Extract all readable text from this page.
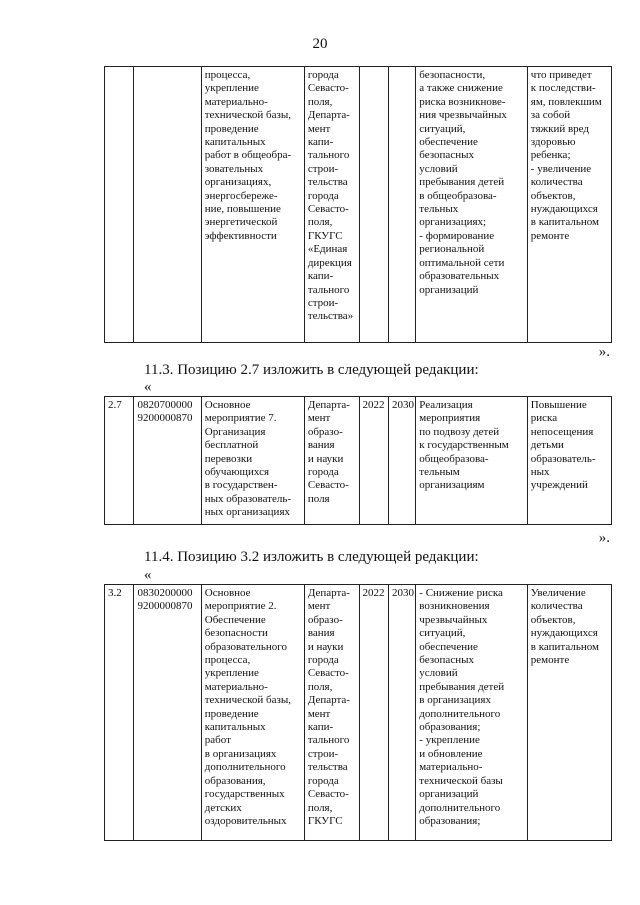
20
		процесса,
укрепление
материально-
технической базы,
проведение
капитальных
работ в общеобра-
зовательных
организациях,
энергосбереже-
ние, повышение
энергетической
эффективности	города
Севасто-
поля,
Департа-
мент
капи-
тального
строи-
тельства
города
Севасто-
поля,
ГКУГС
«Единая
дирекция
капи-
тального
строи-
тельства»			безопасности,
а также снижение
риска возникнове-
ния чрезвычайных
ситуаций,
обеспечение
безопасных
условий
пребывания детей
в общеобразова-
тельных
организациях;
- формирование
региональной
оптимальной сети
образовательных
организаций	что приведет
к последстви-
ям, повлекшим
за собой
тяжкий вред
здоровью
ребенка;
- увеличение
количества
объектов,
нуждающихся
в капитальном
ремонте
».
11.3. Позицию 2.7 изложить в следующей редакции:
«
2.7	0820700000
9200000870	Основное
мероприятие 7.
Организация
бесплатной
перевозки
обучающихся
в государствен-
ных образователь-
ных организациях	Департа-
мент
образо-
вания
и науки
города
Севасто-
поля	2022	2030	Реализация
мероприятия
по подвозу детей
к государственным
общеобразова-
тельным
организациям	Повышение
риска
непосещения
детьми
образователь-
ных
учреждений
».
11.4. Позицию 3.2 изложить в следующей редакции:
«
3.2	0830200000
9200000870	Основное
мероприятие 2.
Обеспечение
безопасности
образовательного
процесса,
укрепление
материально-
технической базы,
проведение
капитальных
работ
в организациях
дополнительного
образования,
государственных
детских
оздоровительных	Департа-
мент
образо-
вания
и науки
города
Севасто-
поля,
Департа-
мент
капи-
тального
строи-
тельства
города
Севасто-
поля,
ГКУГС	2022	2030	- Снижение риска
возникновения
чрезвычайных
ситуаций,
обеспечение
безопасных
условий
пребывания детей
в организациях
дополнительного
образования;
- укрепление
и обновление
материально-
технической базы
организаций
дополнительного
образования;	Увеличение
количества
объектов,
нуждающихся
в капитальном
ремонте
